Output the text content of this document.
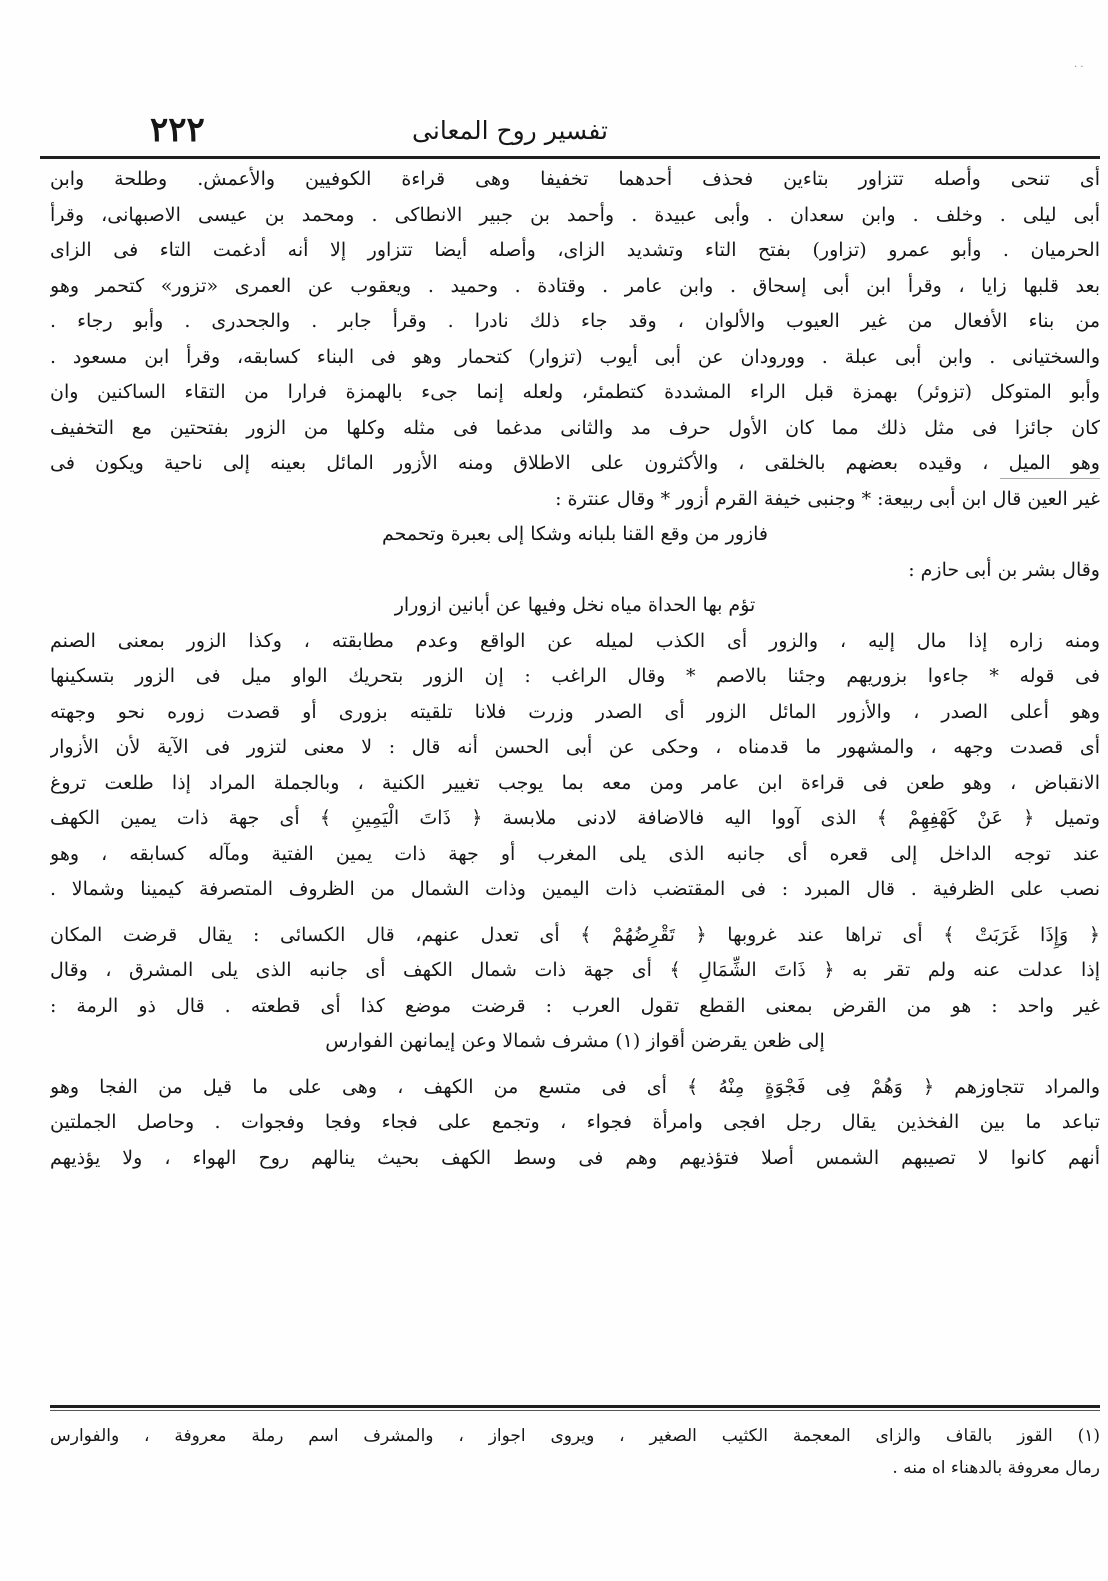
· ·
٢٢٢	تفسير روح المعانى
أى تنحى وأصله تتزاور بتاءين فحذف أحدهما تخفيفا وهى قراءة الكوفيين والأعمش. وطلحة وابن
أبى ليلى . وخلف . وابن سعدان . وأبى عبيدة . وأحمد بن جبير الانطاكى . ومحمد بن عيسى الاصبهانى، وقرأ
الحرميان . وأبو عمرو (تزاور) بفتح التاء وتشديد الزاى، وأصله أيضا تتزاور إلا أنه أدغمت التاء فى الزاى
بعد قلبها زايا ، وقرأ ابن أبى إسحاق . وابن عامر . وقتادة . وحميد . ويعقوب عن العمرى «تزور» كتحمر وهو
من بناء الأفعال من غير العيوب والألوان ، وقد جاء ذلك نادرا . وقرأ جابر . والجحدرى . وأبو رجاء .
والسختيانى . وابن أبى عبلة . وورودان عن أبى أيوب (تزوار) كتحمار وهو فى البناء كسابقه، وقرأ ابن مسعود .
وأبو المتوكل (تزوئر) بهمزة قبل الراء المشددة كتطمئر، ولعله إنما جىء بالهمزة فرارا من التقاء الساكنين وان
كان جائزا فى مثل ذلك مما كان الأول حرف مد والثانى مدغما فى مثله وكلها من الزور بفتحتين مع التخفيف
وهو الميل ، وقيده بعضهم بالخلقى ، والأكثرون على الاطلاق ومنه الأزور المائل بعينه إلى ناحية ويكون فى
غير العين قال ابن أبى ربيعة: * وجنبى خيفة القرم أزور * وقال عنترة :
فازور من وقع القنا بلبانه وشكا إلى بعبرة وتحمحم
وقال بشر بن أبى حازم :
تؤم بها الحداة مياه نخل وفيها عن أبانين ازورار
ومنه زاره إذا مال إليه ، والزور أى الكذب لميله عن الواقع وعدم مطابقته ، وكذا الزور بمعنى الصنم
فى قوله * جاءوا بزوريهم وجئنا بالاصم * وقال الراغب : إن الزور بتحريك الواو ميل فى الزور بتسكينها
وهو أعلى الصدر ، والأزور المائل الزور أى الصدر وزرت فلانا تلقيته بزورى أو قصدت زوره نحو وجهته
أى قصدت وجهه ، والمشهور ما قدمناه ، وحكى عن أبى الحسن أنه قال : لا معنى لتزور فى الآية لأن الأزوار
الانقباض ، وهو طعن فى قراءة ابن عامر ومن معه بما يوجب تغيير الكنية ، وبالجملة المراد إذا طلعت تروغ
وتميل ﴿ عَنْ كَهْفِهِمْ ﴾ الذى آووا اليه فالاضافة لادنى ملابسة ﴿ ذَاتَ الْيَمِينِ ﴾ أى جهة ذات يمين الكهف
عند توجه الداخل إلى قعره أى جانبه الذى يلى المغرب أو جهة ذات يمين الفتية ومآله كسابقه ، وهو
نصب على الظرفية . قال المبرد : فى المقتضب ذات اليمين وذات الشمال من الظروف المتصرفة كيمينا وشمالا .
﴿ وَإِذَا غَرَبَتْ ﴾ أى تراها عند غروبها ﴿ تَقْرِضُهُمْ ﴾ أى تعدل عنهم، قال الكسائى : يقال قرضت المكان
إذا عدلت عنه ولم تقر به ﴿ ذَاتَ الشِّمَالِ ﴾ أى جهة ذات شمال الكهف أى جانبه الذى يلى المشرق ، وقال
غير واحد : هو من القرض بمعنى القطع تقول العرب : قرضت موضع كذا أى قطعته . قال ذو الرمة :
إلى ظعن يقرضن أقواز (١) مشرف شمالا وعن إيمانهن الفوارس
والمراد تتجاوزهم ﴿ وَهُمْ فِى فَجْوَةٍ مِنْهُ ﴾ أى فى متسع من الكهف ، وهى على ما قيل من الفجا وهو
تباعد ما بين الفخذين يقال رجل افجى وامرأة فجواء ، وتجمع على فجاء وفجا وفجوات . وحاصل الجملتين
أنهم كانوا لا تصيبهم الشمس أصلا فتؤذيهم وهم فى وسط الكهف بحيث ينالهم روح الهواء ، ولا يؤذيهم
(١) القوز بالقاف والزاى المعجمة الكثيب الصغير ، ويروى اجواز ، والمشرف اسم رملة معروفة ، والفوارس
رمال معروفة بالدهناء اه منه .
